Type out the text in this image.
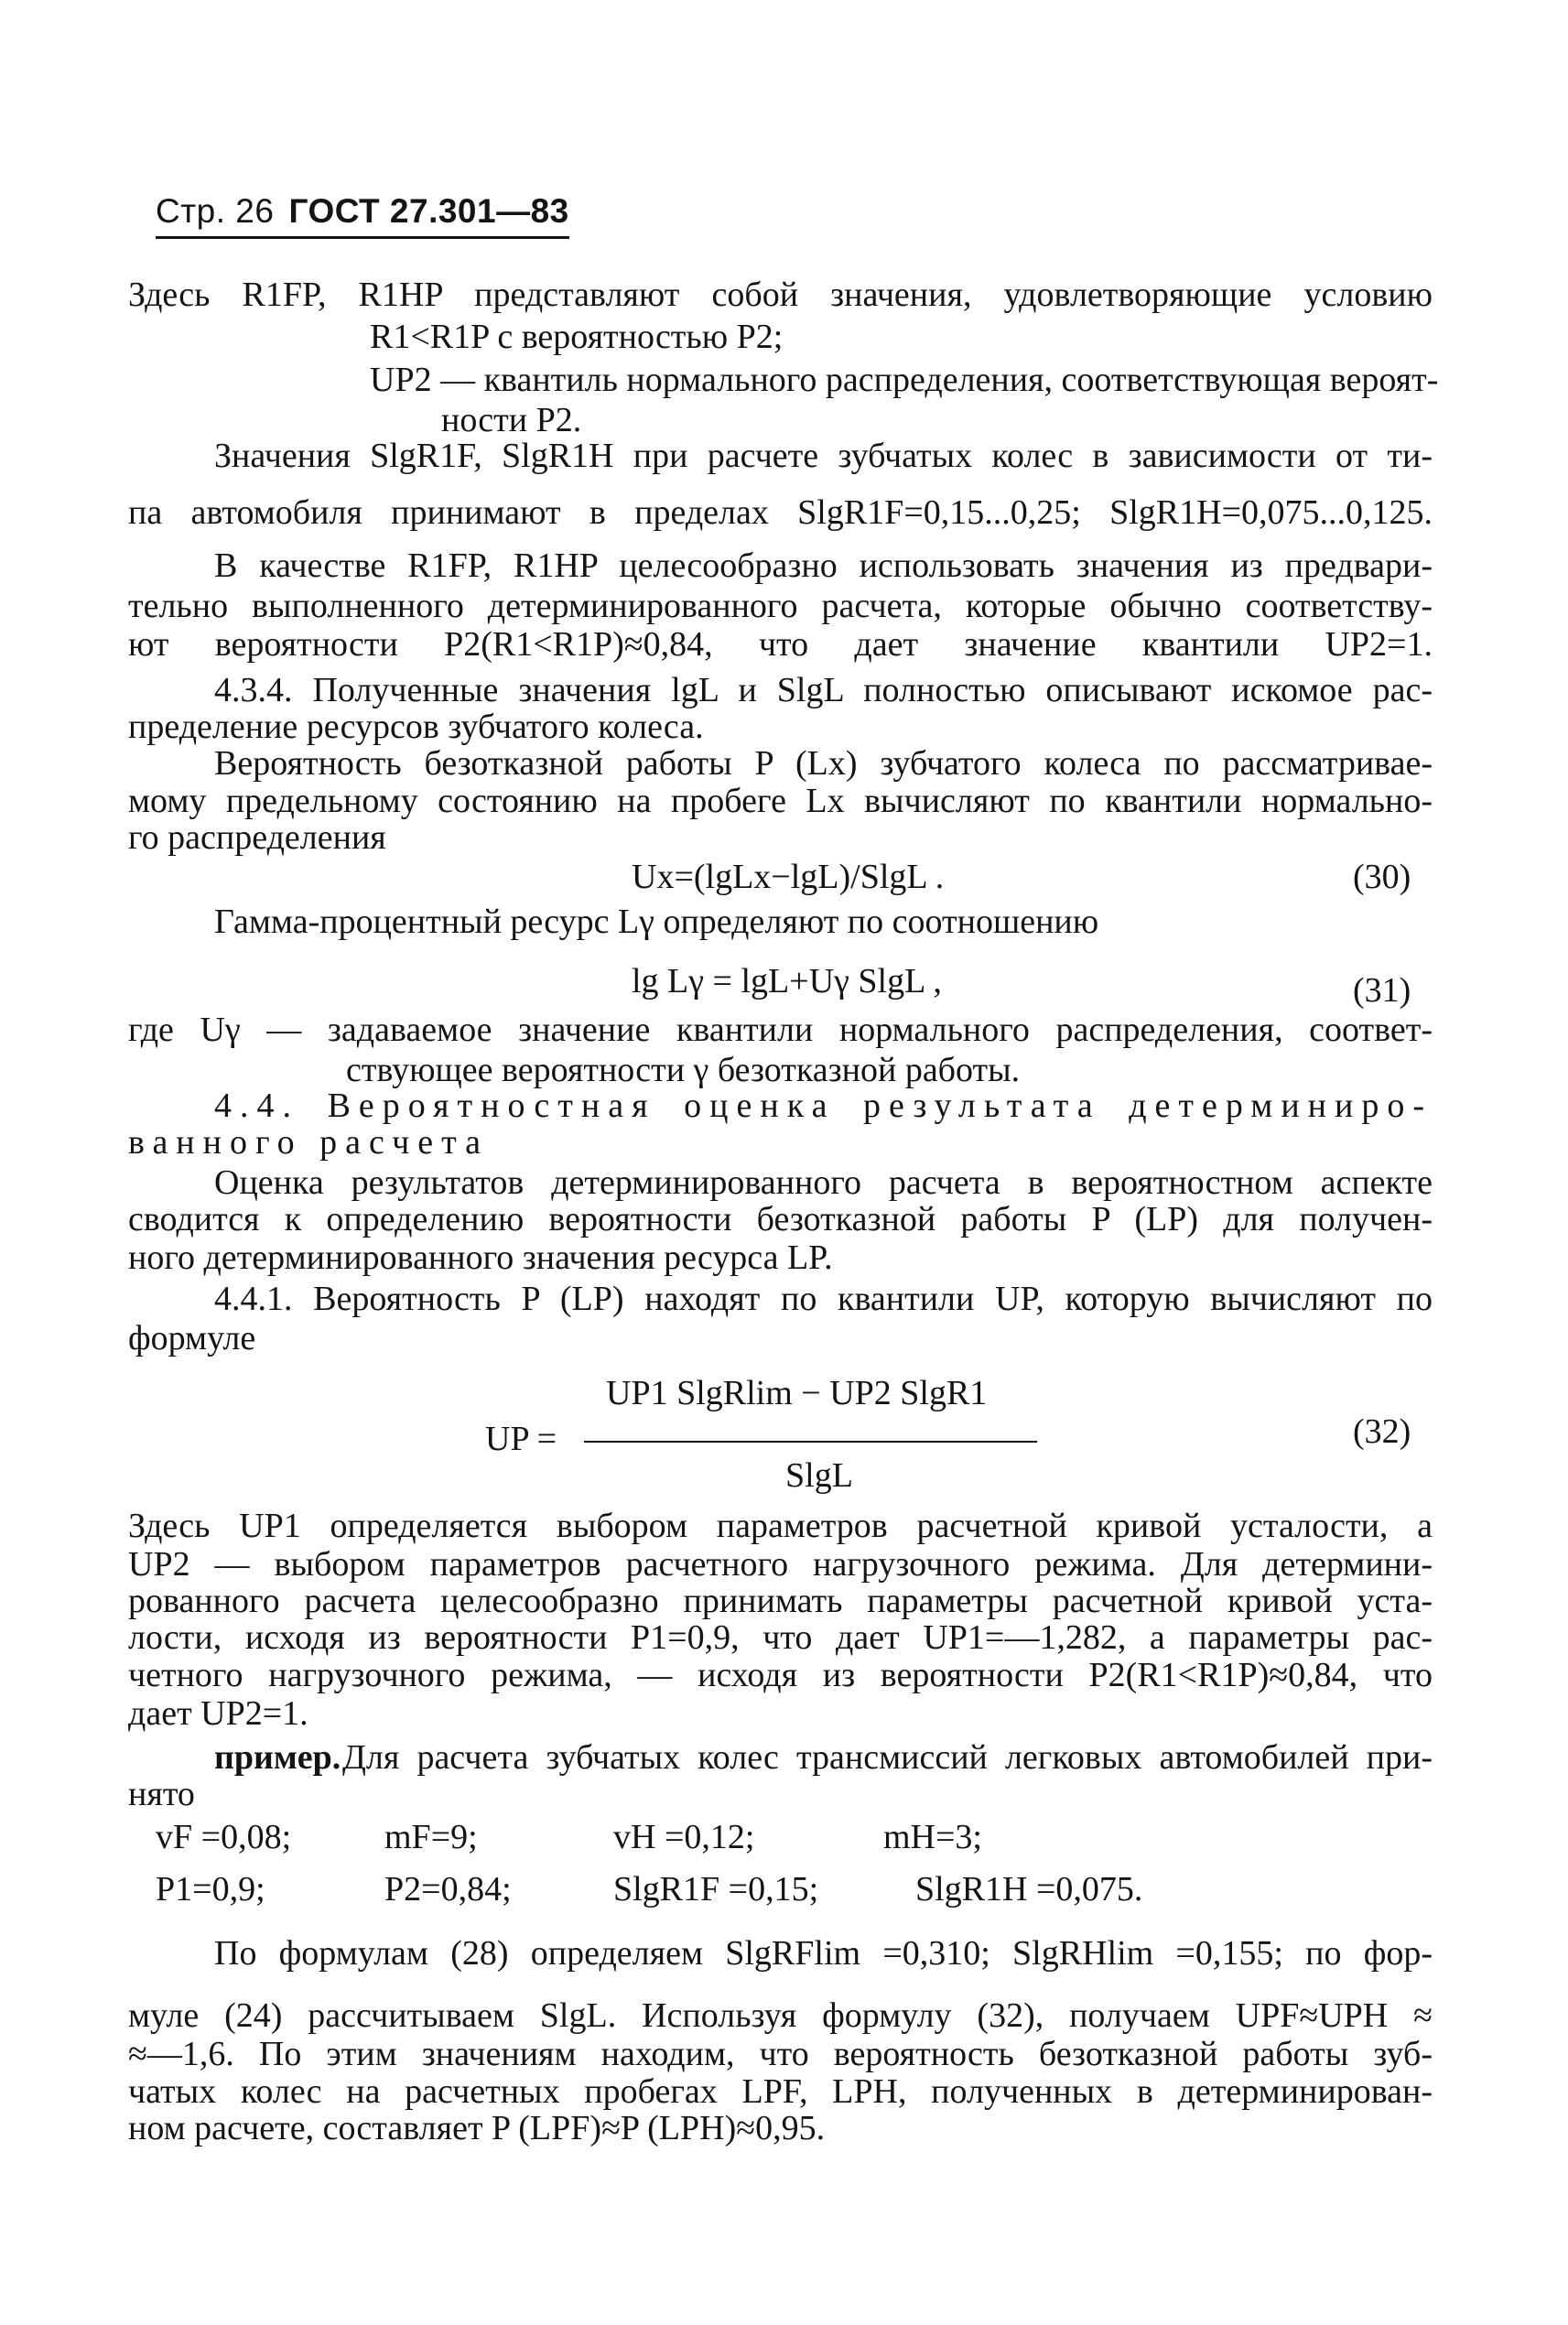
Стр. 26 ГОСТ 27.301—83
Здесь R1FP, R1HP представляют собой значения, удовлетворяющие условию
R1<R1P с вероятностью P2;
UP2 — квантиль нормального распределения, соответствующая вероят-
ности P2.
Значения SlgR1F, SlgR1H при расчете зубчатых колес в зависимости от ти-
па автомобиля принимают в пределах SlgR1F=0,15...0,25; SlgR1H=0,075...0,125.
В качестве R1FP, R1HP целесообразно использовать значения из предвари-
тельно выполненного детерминированного расчета, которые обычно соответству-
ют вероятности P2(R1<R1P)≈0,84, что дает значение квантили UP2=1.
4.3.4. Полученные значения lgL и SlgL полностью описывают искомое рас-
пределение ресурсов зубчатого колеса.
Вероятность безотказной работы P (Lx) зубчатого колеса по рассматривае-
мому предельному состоянию на пробеге Lx вычисляют по квантили нормально-
го распределения
Ux=(lgLx−lgL)/SlgL .	(30)
Гамма-процентный ресурс Lγ определяют по соотношению
lg Lγ = lgL+Uγ SlgL ,	(31)
где Uγ — задаваемое значение квантили нормального распределения, соответ-
ствующее вероятности γ безотказной работы.
4.4. Вероятностная оценка результата детерминиро-
ванного расчета
Оценка результатов детерминированного расчета в вероятностном аспекте
сводится к определению вероятности безотказной работы P (LP) для получен-
ного детерминированного значения ресурса LP.
4.4.1. Вероятность P (LP) находят по квантили UP, которую вычисляют по
формуле
UP1 SlgRlim − UP2 SlgR1
UP =
SlgL
(32)
Здесь UP1 определяется выбором параметров расчетной кривой усталости, а
UP2 — выбором параметров расчетного нагрузочного режима. Для детермини-
рованного расчета целесообразно принимать параметры расчетной кривой уста-
лости, исходя из вероятности P1=0,9, что дает UP1=—1,282, а параметры рас-
четного нагрузочного режима, — исходя из вероятности P2(R1<R1P)≈0,84, что
дает UP2=1.
пример. Для расчета зубчатых колес трансмиссий легковых автомобилей при-
нято
vF =0,08;	mF=9;	vH =0,12;	mH=3;
P1=0,9;	P2=0,84;	SlgR1F =0,15;	SlgR1H =0,075.
По формулам (28) определяем SlgRFlim =0,310; SlgRHlim =0,155; по фор-
муле (24) рассчитываем SlgL. Используя формулу (32), получаем UPF≈UPH ≈
≈—1,6. По этим значениям находим, что вероятность безотказной работы зуб-
чатых колес на расчетных пробегах LPF, LPH, полученных в детерминирован-
ном расчете, составляет P (LPF)≈P (LPH)≈0,95.
